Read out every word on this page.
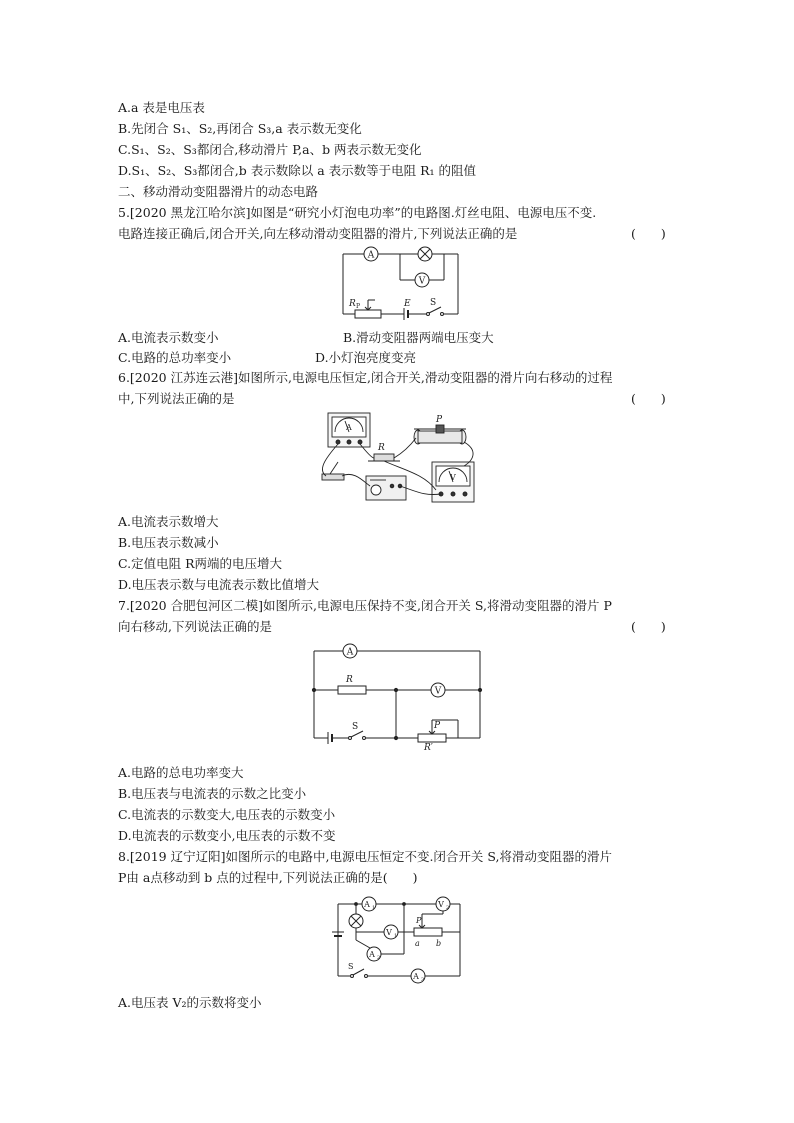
A.a 表是电压表
B.先闭合 S₁、S₂,再闭合 S₃,a 表示数无变化
C.S₁、S₂、S₃都闭合,移动滑片 P,a、b 两表示数无变化
D.S₁、S₂、S₃都闭合,b 表示数除以 a 表示数等于电阻 R₁ 的阻值
二、移动滑动变阻器滑片的动态电路
5.[2020 黑龙江哈尔滨]如图是“研究小灯泡电功率”的电路图.灯丝电阻、电源电压不变.
电路连接正确后,闭合开关,向左移动滑动变阻器的滑片,下列说法正确的是	(　　)
A.电流表示数变小	B.滑动变阻器两端电压变大
C.电路的总功率变小	D.小灯泡亮度变亮
6.[2020 江苏连云港]如图所示,电源电压恒定,闭合开关,滑动变阻器的滑片向右移动的过程
中,下列说法正确的是	(　　)
A.电流表示数增大
B.电压表示数减小
C.定值电阻 R两端的电压增大
D.电压表示数与电流表示数比值增大
7.[2020 合肥包河区二模]如图所示,电源电压保持不变,闭合开关 S,将滑动变阻器的滑片 P
向右移动,下列说法正确的是	(　　)
A.电路的总电功率变大
B.电压表与电流表的示数之比变小
C.电流表的示数变大,电压表的示数变小
D.电流表的示数变小,电压表的示数不变
8.[2019 辽宁辽阳]如图所示的电路中,电源电压恒定不变.闭合开关 S,将滑动变阻器的滑片
P由 a点移动到 b 点的过程中,下列说法正确的是(　　)
A.电压表 V₂的示数将变小
A
V
R P	E S
A
P
R
V
A
V
R
S	P
R′
A 1	V 2
V 1
A 2
P
a b
S
A 3
